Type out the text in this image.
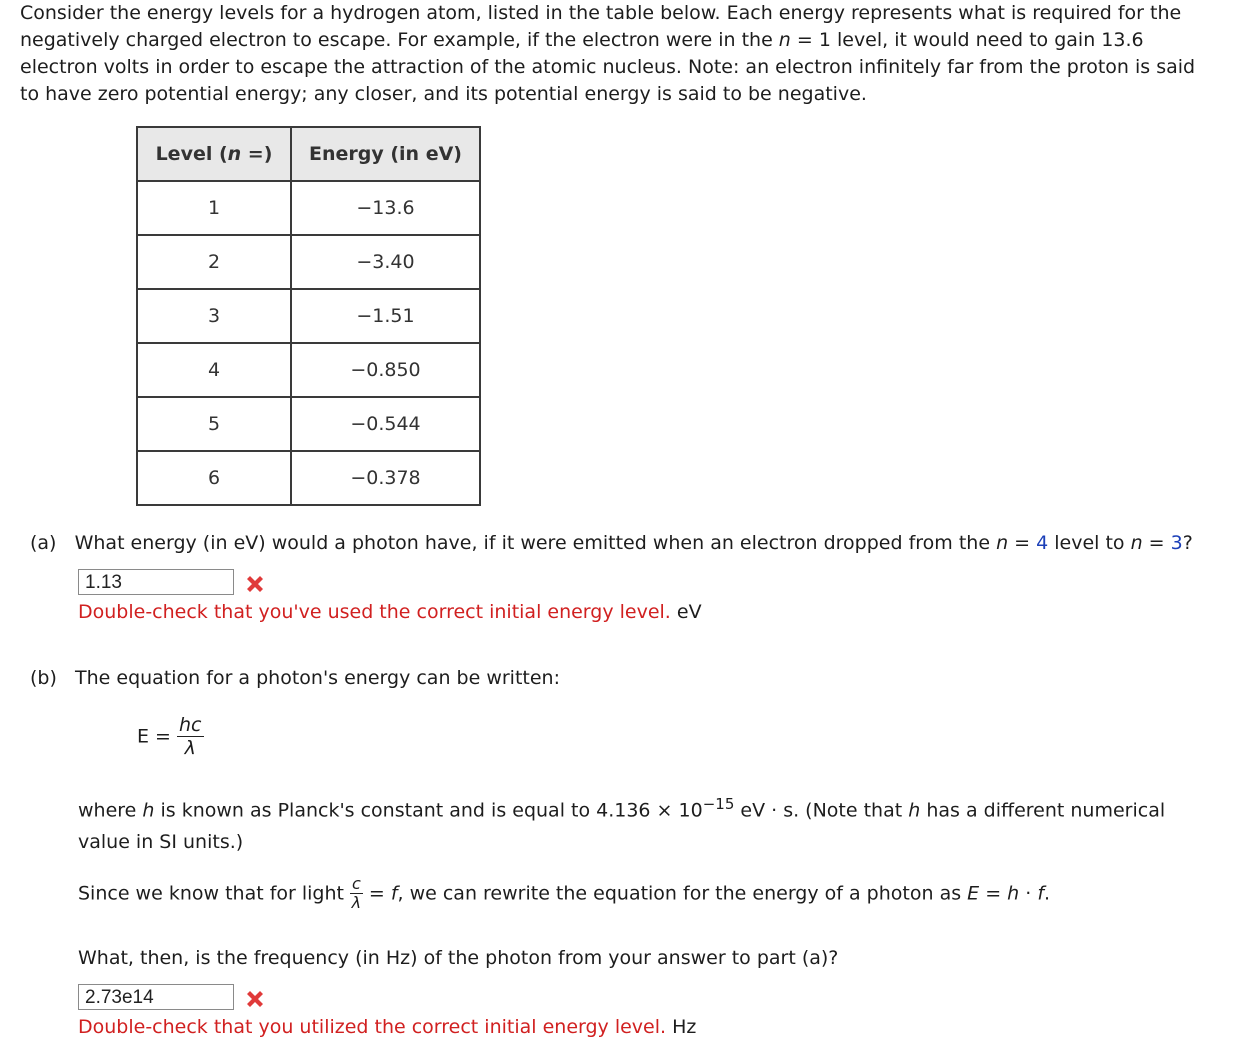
Consider the energy levels for a hydrogen atom, listed in the table below. Each energy represents what is required for the
negatively charged electron to escape. For example, if the electron were in the n = 1 level, it would need to gain 13.6
electron volts in order to escape the attraction of the atomic nucleus. Note: an electron infinitely far from the proton is said
to have zero potential energy; any closer, and its potential energy is said to be negative.
Level (n =)	Energy (in eV)
1	−13.6
2	−3.40
3	−1.51
4	−0.850
5	−0.544
6	−0.378
(a) What energy (in eV) would a photon have, if it were emitted when an electron dropped from the n = 4 level to n = 3?
1.13
Double-check that you've used the correct initial energy level. eV
(b) The equation for a photon's energy can be written:
$E = \frac{hc}{\lambda}$
where h is known as Planck's constant and is equal to $4.136 \times 10^{-15}$ eV · s. (Note that h has a different numerical
value in SI units.)
Since we know that for light $\frac{c}{\lambda} = f$, we can rewrite the equation for the energy of a photon as E = h · f.
What, then, is the frequency (in Hz) of the photon from your answer to part (a)?
2.73e14
Double-check that you utilized the correct initial energy level. Hz
